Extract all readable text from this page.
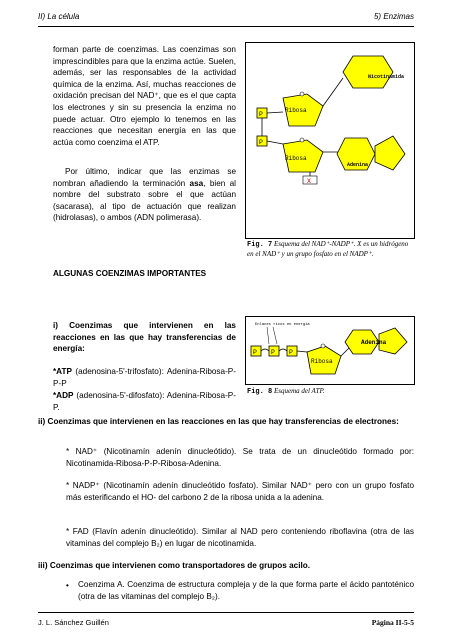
II) La célula	5) Enzimas
forman parte de coenzimas. Las coenzimas son imprescindibles para que la enzima actúe. Suelen, además, ser las responsables de la actividad química de la enzima. Así, muchas reacciones de oxidación precisan del NAD⁺, que es el que capta los electrones y sin su presencia la enzima no puede actuar. Otro ejemplo lo tenemos en las reacciones que necesitan energía en las que actúa como coenzima el ATP.
Por último, indicar que las enzimas se nombran añadiendo la terminación asa, bien al nombre del substrato sobre el que actúan (sacarasa), al tipo de actuación que realizan (hidrolasas), o ambos (ADN polimerasa).
ALGUNAS COENZIMAS IMPORTANTES
Nicotinamida
Ribosa
P
P
Ribosa
Adenina
X
Fig. 7 Esquema del NAD⁺-NADP⁺. X es un hidrógeno en el NAD⁺ y un grupo fosfato en el NADP⁺.
i) Coenzimas que intervienen en las reacciones en las que hay transferencias de energía:
*ATP (adenosina-5'-trifosfato): Adenina-Ribosa-P-P-P
*ADP (adenosina-5'-difosfato): Adenina-Ribosa-P-P.
Enlaces ricos en energía
P P P
Ribosa
Adenina
Fig. 8 Esquema del ATP.
ii) Coenzimas que intervienen en las reacciones en las que hay transferencias de electrones:
* NAD⁺ (Nicotinamín adenín dinucleótido). Se trata de un dinucleótido formado por: Nicotinamida-Ribosa-P-P-Ribosa-Adenina.
* NADP⁺ (Nicotinamín adenín dinucleótido fosfato). Similar NAD⁺ pero con un grupo fosfato más esterificando el HO- del carbono 2 de la ribosa unida a la adenina.
* FAD (Flavín adenín dinucleótido). Similar al NAD pero conteniendo riboflavina (otra de las vitaminas del complejo B₂) en lugar de nicotinamida.
iii) Coenzimas que intervienen como transportadores de grupos acilo.
• Coenzima A. Coenzima de estructura compleja y de la que forma parte el ácido pantoténico (otra de las vitaminas del complejo B₂).
J. L. Sánchez Guillén	Página II-5-5
